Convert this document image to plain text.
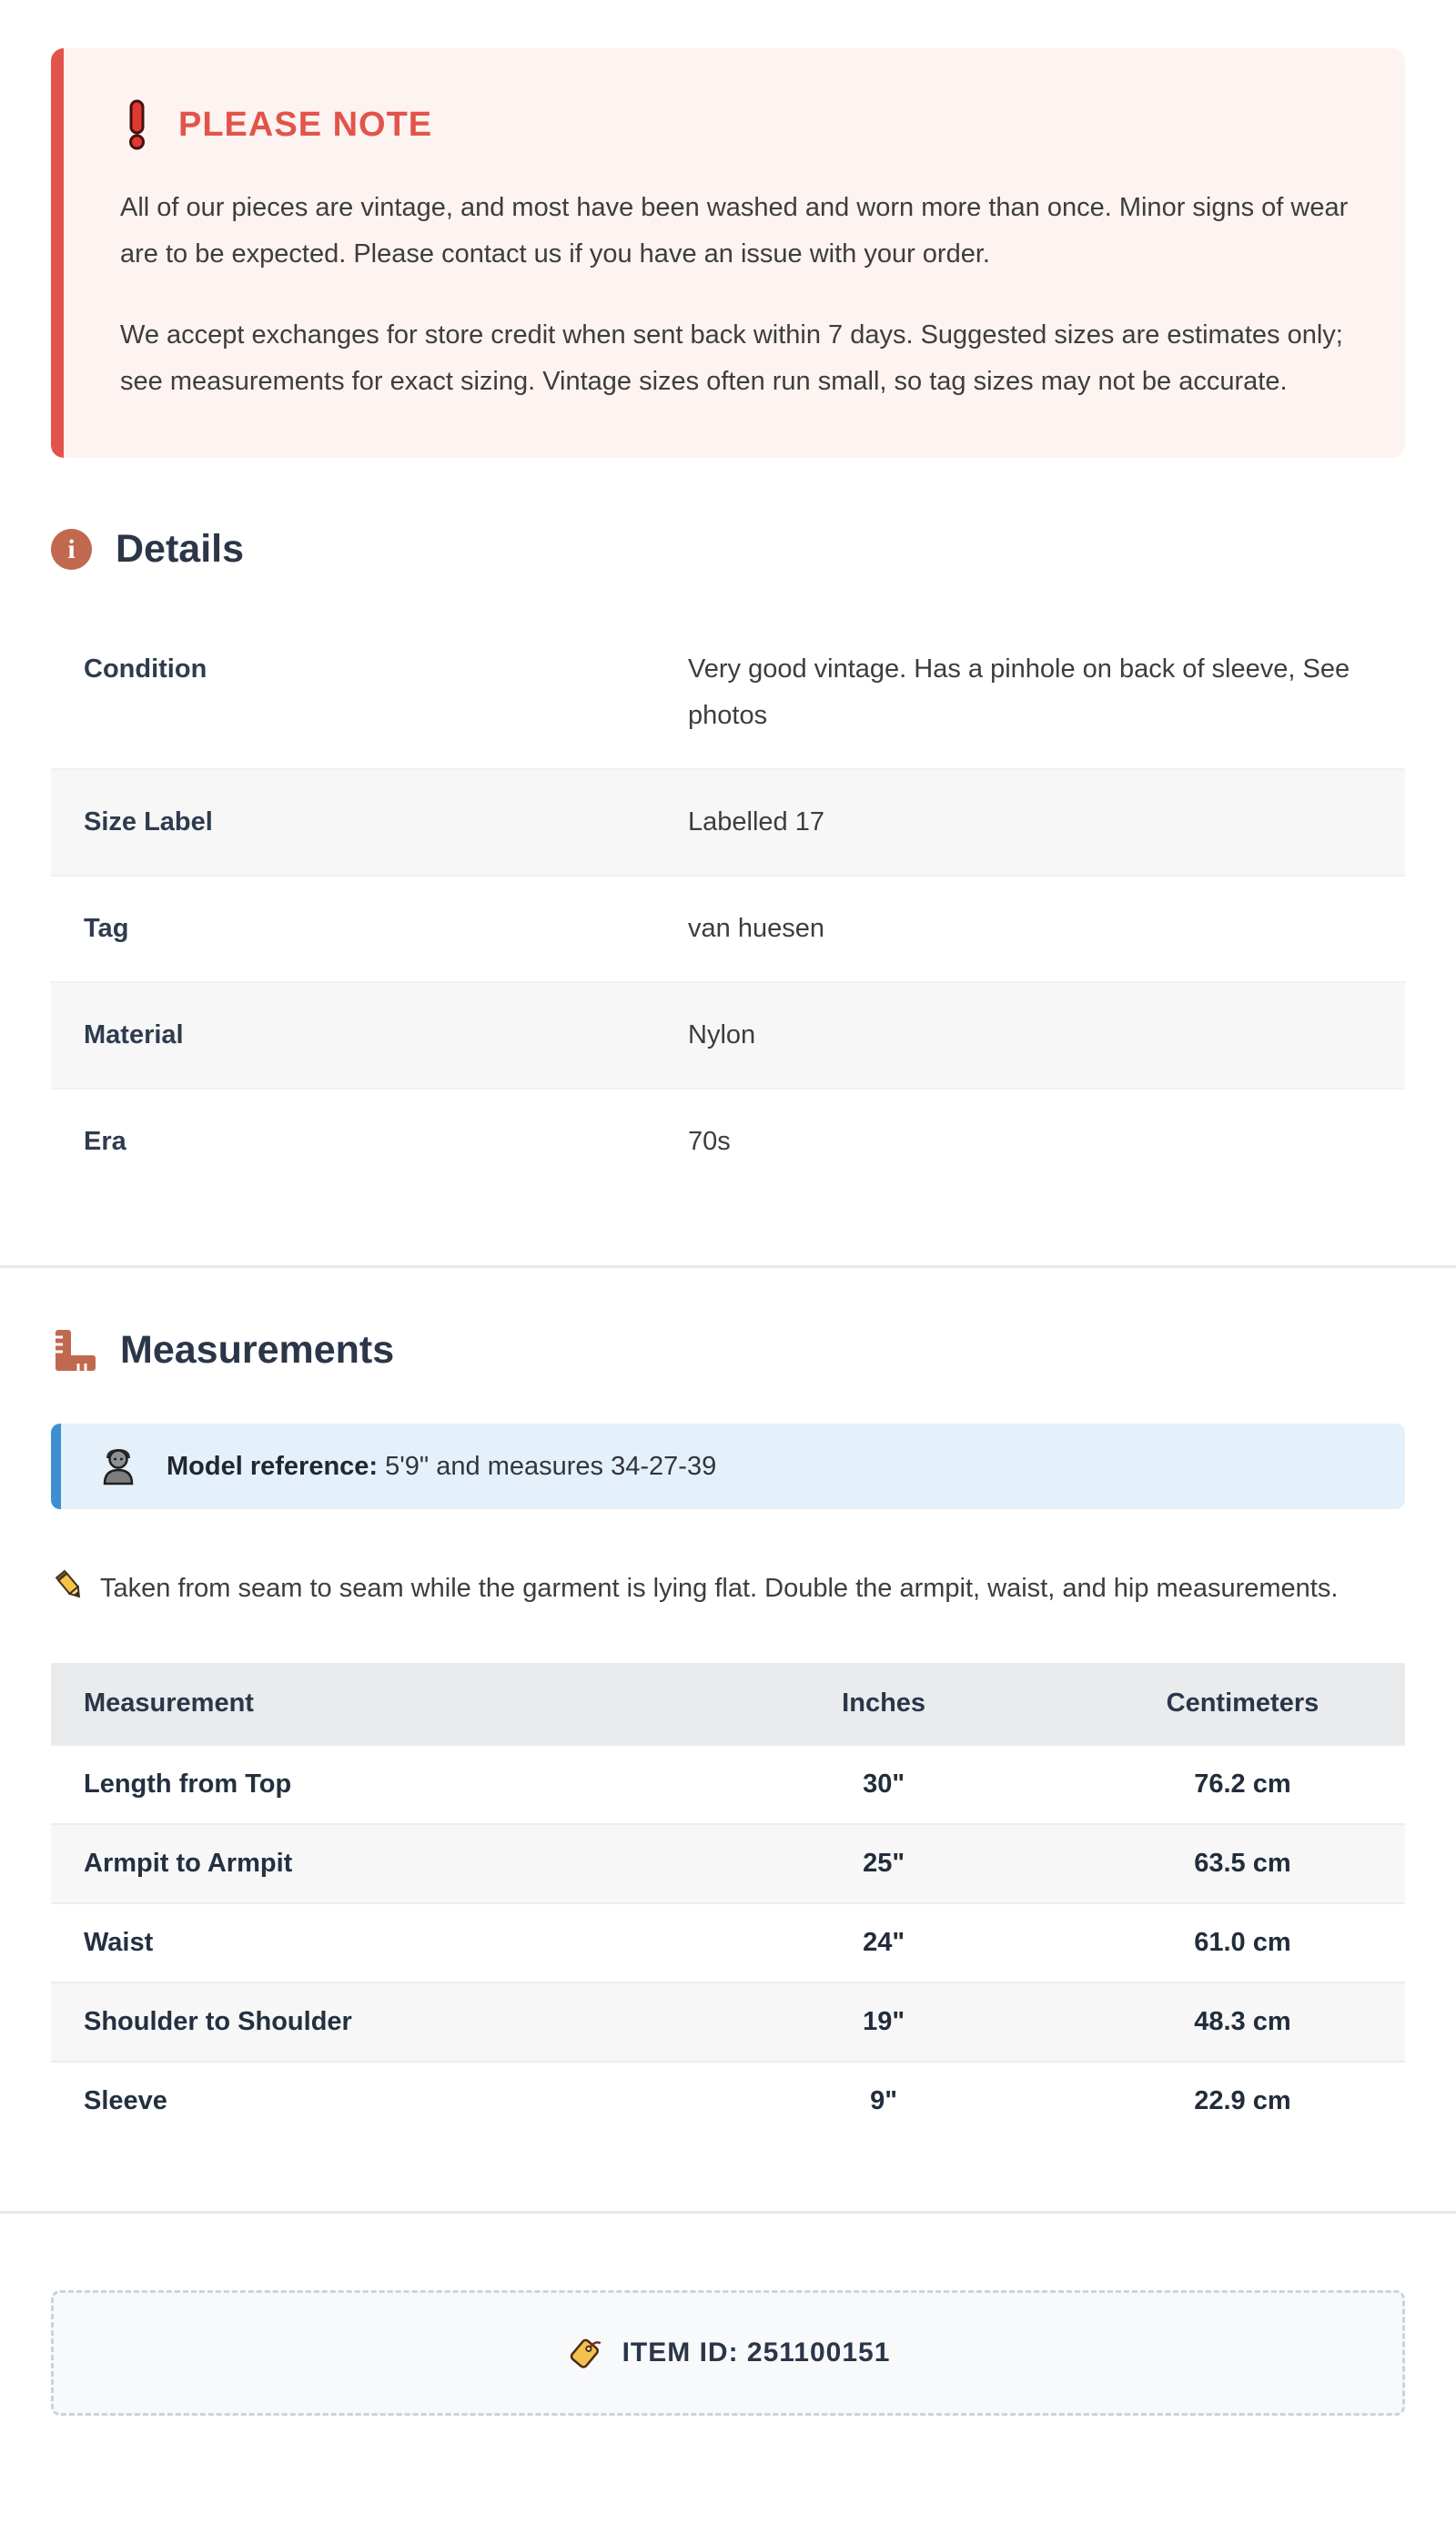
PLEASE NOTE

All of our pieces are vintage, and most have been washed and worn more than once. Minor signs of wear are to be expected. Please contact us if you have an issue with your order.

We accept exchanges for store credit when sent back within 7 days. Suggested sizes are estimates only; see measurements for exact sizing. Vintage sizes often run small, so tag sizes may not be accurate.

i	Details
Condition	Very good vintage. Has a pinhole on back of sleeve, See photos
Size Label	Labelled 17
Tag	van huesen
Material	Nylon
Era	70s
Measurements
Model reference: 5'9" and measures 34-27-39

Taken from seam to seam while the garment is lying flat. Double the armpit, waist, and hip measurements.

Measurement	Inches	Centimeters
Length from Top	30"	76.2 cm
Armpit to Armpit	25"	63.5 cm
Waist	24"	61.0 cm
Shoulder to Shoulder	19"	48.3 cm
Sleeve	9"	22.9 cm
ITEM ID: 251100151
